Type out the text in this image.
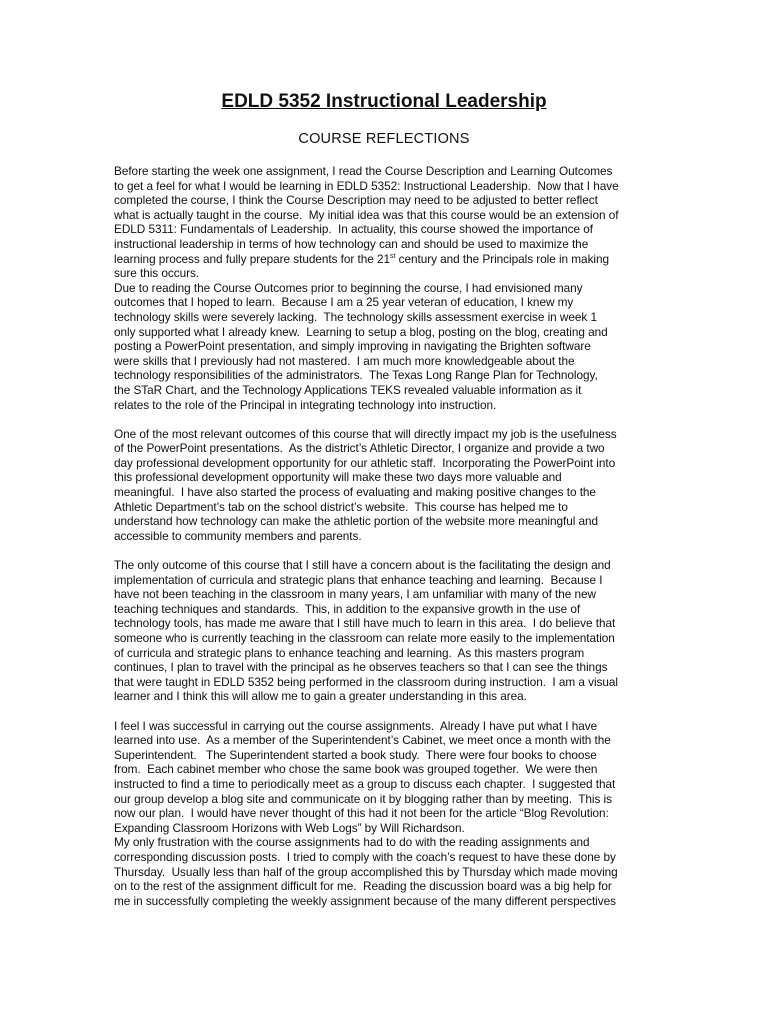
EDLD 5352 Instructional Leadership
COURSE REFLECTIONS
Before starting the week one assignment, I read the Course Description and Learning Outcomes
to get a feel for what I would be learning in EDLD 5352: Instructional Leadership.  Now that I have
completed the course, I think the Course Description may need to be adjusted to better reflect
what is actually taught in the course.  My initial idea was that this course would be an extension of
EDLD 5311: Fundamentals of Leadership.  In actuality, this course showed the importance of
instructional leadership in terms of how technology can and should be used to maximize the
learning process and fully prepare students for the 21st century and the Principals role in making
sure this occurs.
Due to reading the Course Outcomes prior to beginning the course, I had envisioned many
outcomes that I hoped to learn.  Because I am a 25 year veteran of education, I knew my
technology skills were severely lacking.  The technology skills assessment exercise in week 1
only supported what I already knew.  Learning to setup a blog, posting on the blog, creating and
posting a PowerPoint presentation, and simply improving in navigating the Brighten software
were skills that I previously had not mastered.  I am much more knowledgeable about the
technology responsibilities of the administrators.  The Texas Long Range Plan for Technology,
the STaR Chart, and the Technology Applications TEKS revealed valuable information as it
relates to the role of the Principal in integrating technology into instruction.
One of the most relevant outcomes of this course that will directly impact my job is the usefulness
of the PowerPoint presentations.  As the district’s Athletic Director, I organize and provide a two
day professional development opportunity for our athletic staff.  Incorporating the PowerPoint into
this professional development opportunity will make these two days more valuable and
meaningful.  I have also started the process of evaluating and making positive changes to the
Athletic Department’s tab on the school district’s website.  This course has helped me to
understand how technology can make the athletic portion of the website more meaningful and
accessible to community members and parents.
The only outcome of this course that I still have a concern about is the facilitating the design and
implementation of curricula and strategic plans that enhance teaching and learning.  Because I
have not been teaching in the classroom in many years, I am unfamiliar with many of the new
teaching techniques and standards.  This, in addition to the expansive growth in the use of
technology tools, has made me aware that I still have much to learn in this area.  I do believe that
someone who is currently teaching in the classroom can relate more easily to the implementation
of curricula and strategic plans to enhance teaching and learning.  As this masters program
continues, I plan to travel with the principal as he observes teachers so that I can see the things
that were taught in EDLD 5352 being performed in the classroom during instruction.  I am a visual
learner and I think this will allow me to gain a greater understanding in this area.
I feel I was successful in carrying out the course assignments.  Already I have put what I have
learned into use.  As a member of the Superintendent’s Cabinet, we meet once a month with the
Superintendent.   The Superintendent started a book study.  There were four books to choose
from.  Each cabinet member who chose the same book was grouped together.  We were then
instructed to find a time to periodically meet as a group to discuss each chapter.  I suggested that
our group develop a blog site and communicate on it by blogging rather than by meeting.  This is
now our plan.  I would have never thought of this had it not been for the article “Blog Revolution:
Expanding Classroom Horizons with Web Logs” by Will Richardson.
My only frustration with the course assignments had to do with the reading assignments and
corresponding discussion posts.  I tried to comply with the coach’s request to have these done by
Thursday.  Usually less than half of the group accomplished this by Thursday which made moving
on to the rest of the assignment difficult for me.  Reading the discussion board was a big help for
me in successfully completing the weekly assignment because of the many different perspectives
